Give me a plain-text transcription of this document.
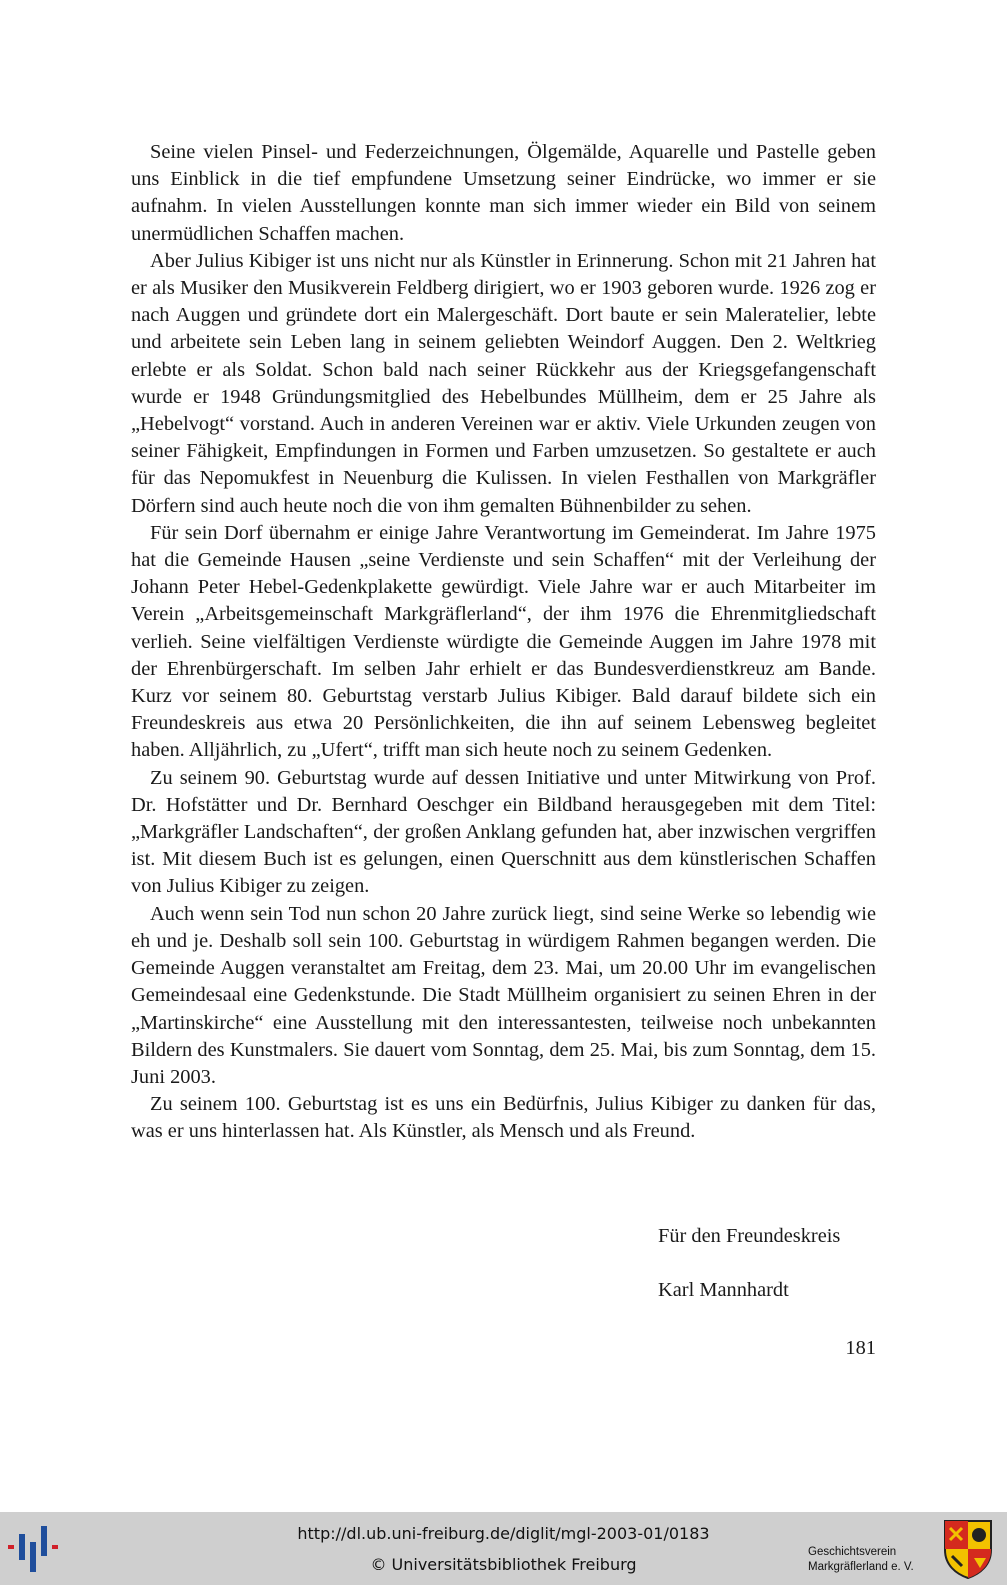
Seine vielen Pinsel- und Federzeichnungen, Ölgemälde, Aquarelle und Pastelle geben uns Einblick in die tief empfundene Umsetzung seiner Eindrücke, wo immer er sie aufnahm. In vielen Ausstellungen konnte man sich immer wieder ein Bild von seinem unermüdlichen Schaffen machen.

Aber Julius Kibiger ist uns nicht nur als Künstler in Erinnerung. Schon mit 21 Jahren hat er als Musiker den Musikverein Feldberg dirigiert, wo er 1903 geboren wurde. 1926 zog er nach Auggen und gründete dort ein Malergeschäft. Dort baute er sein Maleratelier, lebte und arbeitete sein Leben lang in seinem geliebten Weindorf Auggen. Den 2. Weltkrieg erlebte er als Soldat. Schon bald nach seiner Rückkehr aus der Kriegsgefangenschaft wurde er 1948 Gründungsmitglied des Hebelbundes Müllheim, dem er 25 Jahre als „Hebelvogt“ vorstand. Auch in anderen Vereinen war er aktiv. Viele Urkunden zeugen von seiner Fähigkeit, Empfindungen in Formen und Farben umzusetzen. So gestaltete er auch für das Nepomukfest in Neuenburg die Kulissen. In vielen Festhallen von Markgräfler Dörfern sind auch heute noch die von ihm gemalten Bühnenbilder zu sehen.

Für sein Dorf übernahm er einige Jahre Verantwortung im Gemeinderat. Im Jahre 1975 hat die Gemeinde Hausen „seine Verdienste und sein Schaffen“ mit der Verleihung der Johann Peter Hebel-Gedenkplakette gewürdigt. Viele Jahre war er auch Mitarbeiter im Verein „Arbeitsgemeinschaft Markgräflerland“, der ihm 1976 die Ehrenmitgliedschaft verlieh. Seine vielfältigen Verdienste würdigte die Gemeinde Auggen im Jahre 1978 mit der Ehrenbürgerschaft. Im selben Jahr erhielt er das Bundesverdienstkreuz am Bande. Kurz vor seinem 80. Geburtstag verstarb Julius Kibiger. Bald darauf bildete sich ein Freundeskreis aus etwa 20 Persönlichkeiten, die ihn auf seinem Lebensweg begleitet haben. Alljährlich, zu „Ufert“, trifft man sich heute noch zu seinem Gedenken.

Zu seinem 90. Geburtstag wurde auf dessen Initiative und unter Mitwirkung von Prof. Dr. Hofstätter und Dr. Bernhard Oeschger ein Bildband herausgegeben mit dem Titel: „Markgräfler Landschaften“, der großen Anklang gefunden hat, aber inzwischen vergriffen ist. Mit diesem Buch ist es gelungen, einen Querschnitt aus dem künstlerischen Schaffen von Julius Kibiger zu zeigen.

Auch wenn sein Tod nun schon 20 Jahre zurück liegt, sind seine Werke so lebendig wie eh und je. Deshalb soll sein 100. Geburtstag in würdigem Rahmen begangen werden. Die Gemeinde Auggen veranstaltet am Freitag, dem 23. Mai, um 20.00 Uhr im evangelischen Gemeindesaal eine Gedenkstunde. Die Stadt Müllheim organisiert zu seinen Ehren in der „Martinskirche“ eine Ausstellung mit den interessantesten, teilweise noch unbekannten Bildern des Kunstmalers. Sie dauert vom Sonntag, dem 25. Mai, bis zum Sonntag, dem 15. Juni 2003.

Zu seinem 100. Geburtstag ist es uns ein Bedürfnis, Julius Kibiger zu danken für das, was er uns hinterlassen hat. Als Künstler, als Mensch und als Freund.

Für den Freundeskreis
Karl Mannhardt
181
http://dl.ub.uni-freiburg.de/diglit/mgl-2003-01/0183
© Universitätsbibliothek Freiburg
Geschichtsverein
Markgräflerland e. V.
